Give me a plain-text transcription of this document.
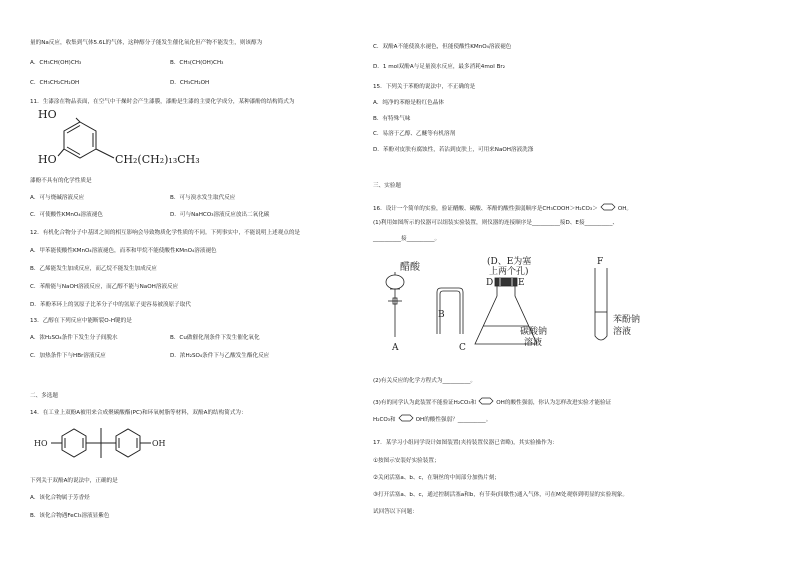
量的Na反应，收集到气体5.6L的气体，这种醇分子能发生催化氧化但产物不能发生，则该醇为
A．CH₃CH(OH)CH₃	B．CH₃(CH(OH)CH₃
C．CH₃CH₂CH₂OH	D．CH₃CH₂OH
11．生漆涂在物品表面，在空气中干燥时会产生漆膜，漆酚是生漆的主要化学成分，某种漆酚的结构简式为
HO
HO	CH₂(CH₂)₁₃CH₃
漆酚不具有的化学性质是
A．可与烧碱溶液反应	B．可与溴水发生取代反应
C．可使酸性KMnO₄溶液褪色	D．可与NaHCO₃溶液反应放出二氧化碳
12．有机化合物分子中基团之间的相互影响会导致物质化学性质的不同。下列事实中，不能说明上述观点的是
A．甲苯能使酸性KMnO₄溶液褪色，而苯和甲烷不能使酸性KMnO₄溶液褪色
B．乙烯能发生加成反应，而乙烷不能发生加成反应
C．苯酚能与NaOH溶液反应，而乙醇不能与NaOH溶液反应
D．苯酚苯环上的氢原子比苯分子中的氢原子更容易被溴原子取代
13．乙醇在下列反应中能断裂O-H键的是
A．浓H₂SO₄条件下发生分子间脱水	B．Cu做催化剂条件下发生催化氧化
C．加热条件下与HBr溶液反应	D．浓H₂SO₄条件下与乙酸发生酯化反应
二、多选题
14．在工业上双酚A被用来合成聚碳酸酯(PC)和环氧树脂等材料，双酚A的结构简式为：
HO	OH
下列关于双酚A的说法中，正确的是
A．该化合物属于芳香烃
B．该化合物遇FeCl₃溶液显紫色
C．双酚A不能使溴水褪色，但能使酸性KMnO₄溶液褪色
D．1 mol双酚A与足量溴水反应，最多消耗4mol Br₂
15．下列关于苯酚的说法中，不正确的是
A．纯净的苯酚是粉红色晶体
B．有特殊气味
C．易溶于乙醇、乙醚等有机溶剂
D．苯酚对皮肤有腐蚀性，若沾到皮肤上，可用来NaOH溶液洗涤
三、实验题
16．设计一个简单的实验，验证醋酸、碳酸、苯酚的酸性强弱顺序是CH₃COOH＞H₂CO₃＞	OH。
(1)利用如图所示的仪器可以组装实验装置，则仪器的连接顺序是__________接D、E接__________、
__________接__________。
醋酸
A
B
C
(D、E为塞
上两个孔)
D	E
碳酸钠
溶液
F
苯酚钠
溶液
(2)有关反应的化学方程式为__________。
(3)有的同学认为此装置不能验证H₂CO₃和	OH的酸性强弱，你认为怎样改进实验才能验证
H₂CO₃和	OH的酸性强弱？__________。
17．某学习小组同学设计如图装置(夹持装置仪器已省略)，其实验操作为：
①按图示安装好实验装置；
②关闭活塞a、b、c，在铜丝的中间部分加热片刻；
③打开活塞a、b、c，通过控制活塞a和b，有节奏(间歇性)通入气体，可在M处观察到明显的实验现象。
试回答以下问题：
